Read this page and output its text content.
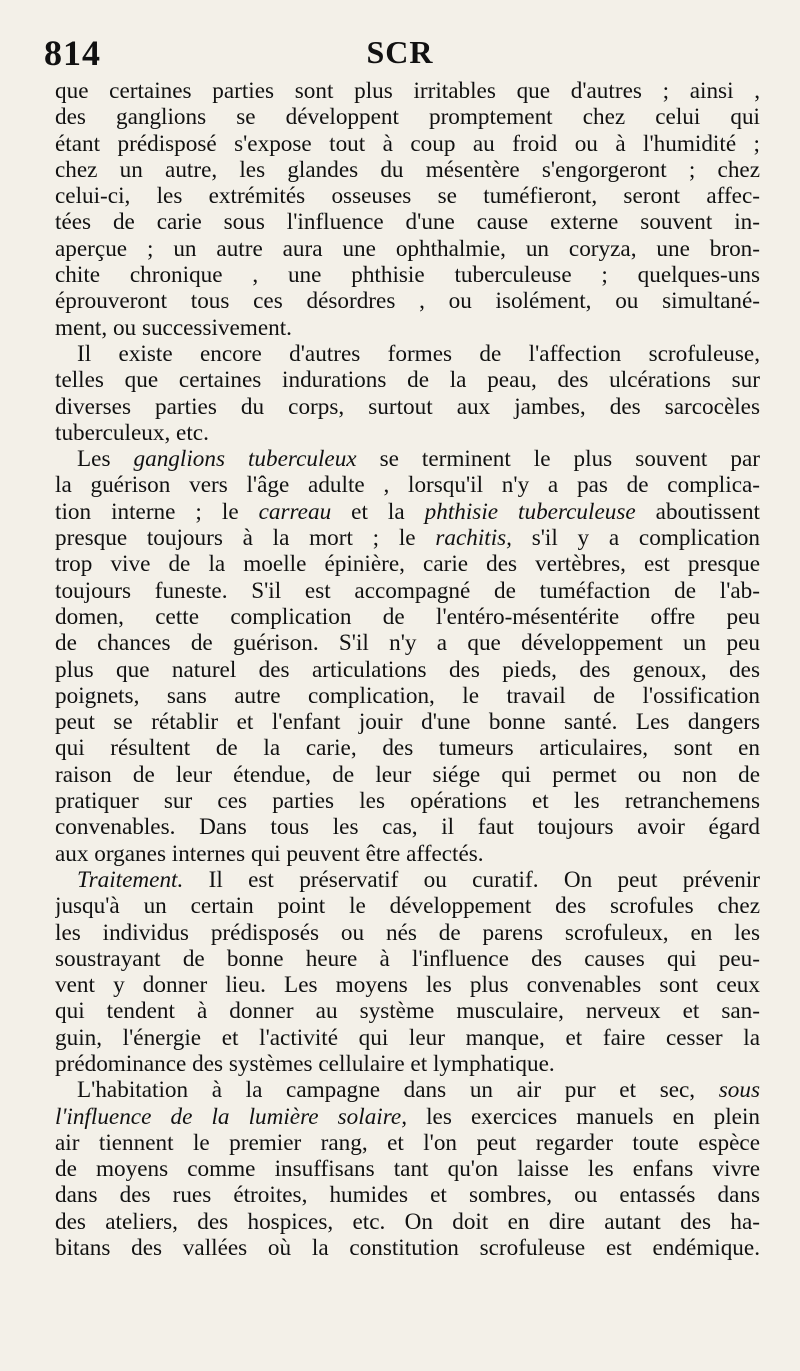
814	SCR
que certaines parties sont plus irritables que d'autres ; ainsi ,
des ganglions se développent promptement chez celui qui
étant prédisposé s'expose tout à coup au froid ou à l'humidité ;
chez un autre, les glandes du mésentère s'engorgeront ; chez
celui-ci, les extrémités osseuses se tuméfieront, seront affec-
tées de carie sous l'influence d'une cause externe souvent in-
aperçue ; un autre aura une ophthalmie, un coryza, une bron-
chite chronique , une phthisie tuberculeuse ; quelques-uns
éprouveront tous ces désordres , ou isolément, ou simultané-
ment, ou successivement.
Il existe encore d'autres formes de l'affection scrofuleuse,
telles que certaines indurations de la peau, des ulcérations sur
diverses parties du corps, surtout aux jambes, des sarcocèles
tuberculeux, etc.
Les ganglions tuberculeux se terminent le plus souvent par
la guérison vers l'âge adulte , lorsqu'il n'y a pas de complica-
tion interne ; le carreau et la phthisie tuberculeuse aboutissent
presque toujours à la mort ; le rachitis, s'il y a complication
trop vive de la moelle épinière, carie des vertèbres, est presque
toujours funeste. S'il est accompagné de tuméfaction de l'ab-
domen, cette complication de l'entéro-mésentérite offre peu
de chances de guérison. S'il n'y a que développement un peu
plus que naturel des articulations des pieds, des genoux, des
poignets, sans autre complication, le travail de l'ossification
peut se rétablir et l'enfant jouir d'une bonne santé. Les dangers
qui résultent de la carie, des tumeurs articulaires, sont en
raison de leur étendue, de leur siége qui permet ou non de
pratiquer sur ces parties les opérations et les retranchemens
convenables. Dans tous les cas, il faut toujours avoir égard
aux organes internes qui peuvent être affectés.
Traitement. Il est préservatif ou curatif. On peut prévenir
jusqu'à un certain point le développement des scrofules chez
les individus prédisposés ou nés de parens scrofuleux, en les
soustrayant de bonne heure à l'influence des causes qui peu-
vent y donner lieu. Les moyens les plus convenables sont ceux
qui tendent à donner au système musculaire, nerveux et san-
guin, l'énergie et l'activité qui leur manque, et faire cesser la
prédominance des systèmes cellulaire et lymphatique.
L'habitation à la campagne dans un air pur et sec, sous
l'influence de la lumière solaire, les exercices manuels en plein
air tiennent le premier rang, et l'on peut regarder toute espèce
de moyens comme insuffisans tant qu'on laisse les enfans vivre
dans des rues étroites, humides et sombres, ou entassés dans
des ateliers, des hospices, etc. On doit en dire autant des ha-
bitans des vallées où la constitution scrofuleuse est endémique.
